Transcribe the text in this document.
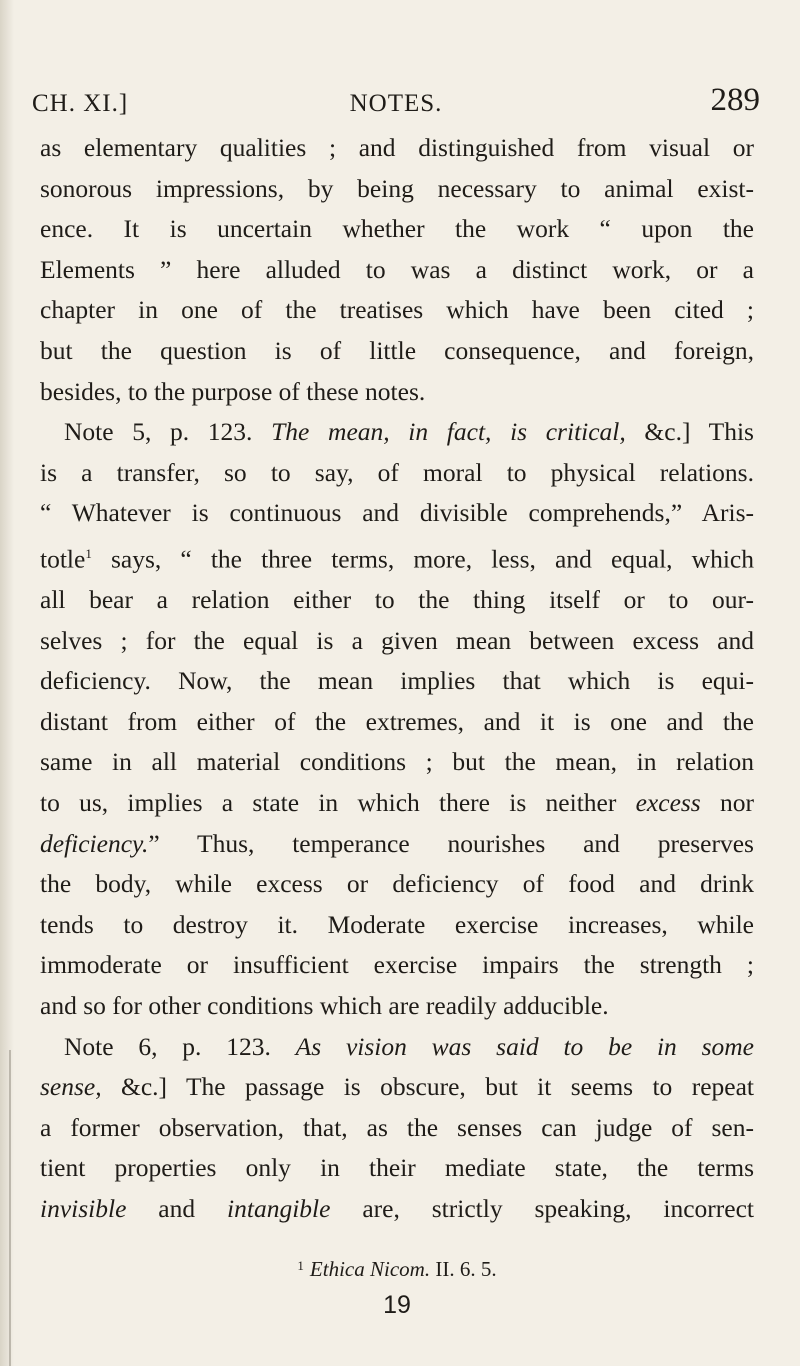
CH. XI.]	NOTES.	289
as elementary qualities ; and distinguished from visual or
sonorous impressions, by being necessary to animal exist-
ence. It is uncertain whether the work “ upon the
Elements ” here alluded to was a distinct work, or a
chapter in one of the treatises which have been cited ;
but the question is of little consequence, and foreign,
besides, to the purpose of these notes.
Note 5, p. 123. The mean, in fact, is critical, &c.] This
is a transfer, so to say, of moral to physical relations.
“ Whatever is continuous and divisible comprehends,” Aris-
totle$^1$ says, “ the three terms, more, less, and equal, which
all bear a relation either to the thing itself or to our-
selves ; for the equal is a given mean between excess and
deficiency. Now, the mean implies that which is equi-
distant from either of the extremes, and it is one and the
same in all material conditions ; but the mean, in relation
to us, implies a state in which there is neither excess nor
deficiency.” Thus, temperance nourishes and preserves
the body, while excess or deficiency of food and drink
tends to destroy it. Moderate exercise increases, while
immoderate or insufficient exercise impairs the strength ;
and so for other conditions which are readily adducible.
Note 6, p. 123. As vision was said to be in some
sense, &c.] The passage is obscure, but it seems to repeat
a former observation, that, as the senses can judge of sen-
tient properties only in their mediate state, the terms
invisible and intangible are, strictly speaking, incorrect
$^1$ Ethica Nicom. II. 6. 5.
19
